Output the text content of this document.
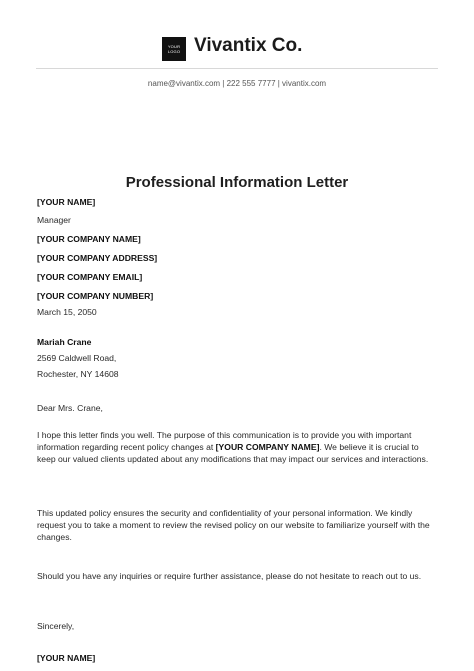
YOUR LOGO Vivantix Co.
name@vivantix.com | 222 555 7777 | vivantix.com
Professional Information Letter
[YOUR NAME]
Manager
[YOUR COMPANY NAME]
[YOUR COMPANY ADDRESS]
[YOUR COMPANY EMAIL]
[YOUR COMPANY NUMBER]
March 15, 2050
Mariah Crane
2569 Caldwell Road,
Rochester, NY 14608
Dear Mrs. Crane,

I hope this letter finds you well. The purpose of this communication is to provide you with important information regarding recent policy changes at [YOUR COMPANY NAME]. We believe it is crucial to keep our valued clients updated about any modifications that may impact our services and interactions.

This updated policy ensures the security and confidentiality of your personal information. We kindly request you to take a moment to review the revised policy on our website to familiarize yourself with the changes.

Should you have any inquiries or require further assistance, please do not hesitate to reach out to us.

Sincerely,
[YOUR NAME]
